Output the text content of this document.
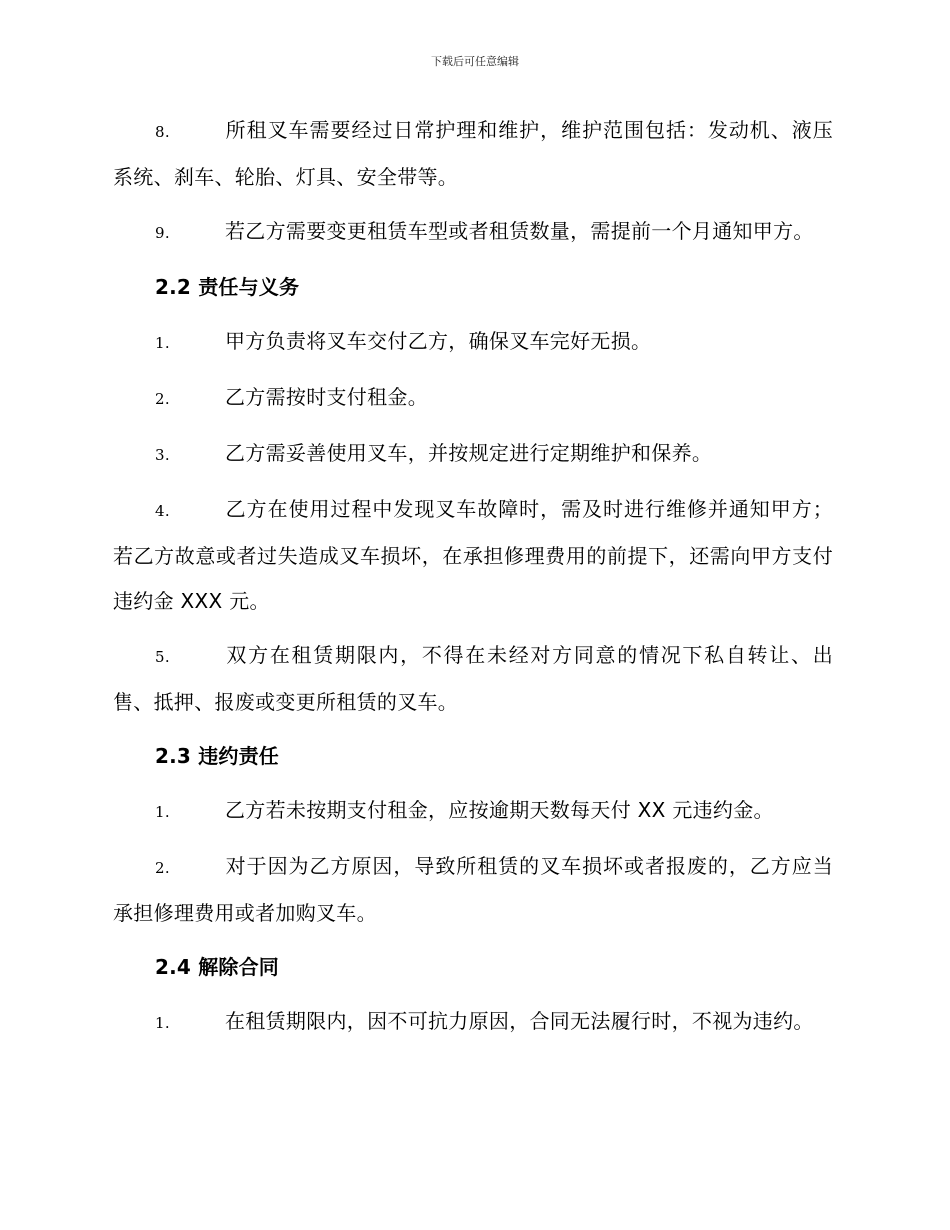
下载后可任意编辑

8.	所租叉车需要经过日常护理和维护，维护范围包括：发动机、液压系统、刹车、轮胎、灯具、安全带等。

9.	若乙方需要变更租赁车型或者租赁数量，需提前一个月通知甲方。

2.2 责任与义务

1.	甲方负责将叉车交付乙方，确保叉车完好无损。

2.	乙方需按时支付租金。

3.	乙方需妥善使用叉车，并按规定进行定期维护和保养。

4.	乙方在使用过程中发现叉车故障时，需及时进行维修并通知甲方；若乙方故意或者过失造成叉车损坏，在承担修理费用的前提下，还需向甲方支付违约金 XXX 元。

5.	双方在租赁期限内，不得在未经对方同意的情况下私自转让、出售、抵押、报废或变更所租赁的叉车。

2.3 违约责任

1.	乙方若未按期支付租金，应按逾期天数每天付 XX 元违约金。

2.	对于因为乙方原因，导致所租赁的叉车损坏或者报废的，乙方应当承担修理费用或者加购叉车。

2.4 解除合同

1.	在租赁期限内，因不可抗力原因，合同无法履行时，不视为违约。
